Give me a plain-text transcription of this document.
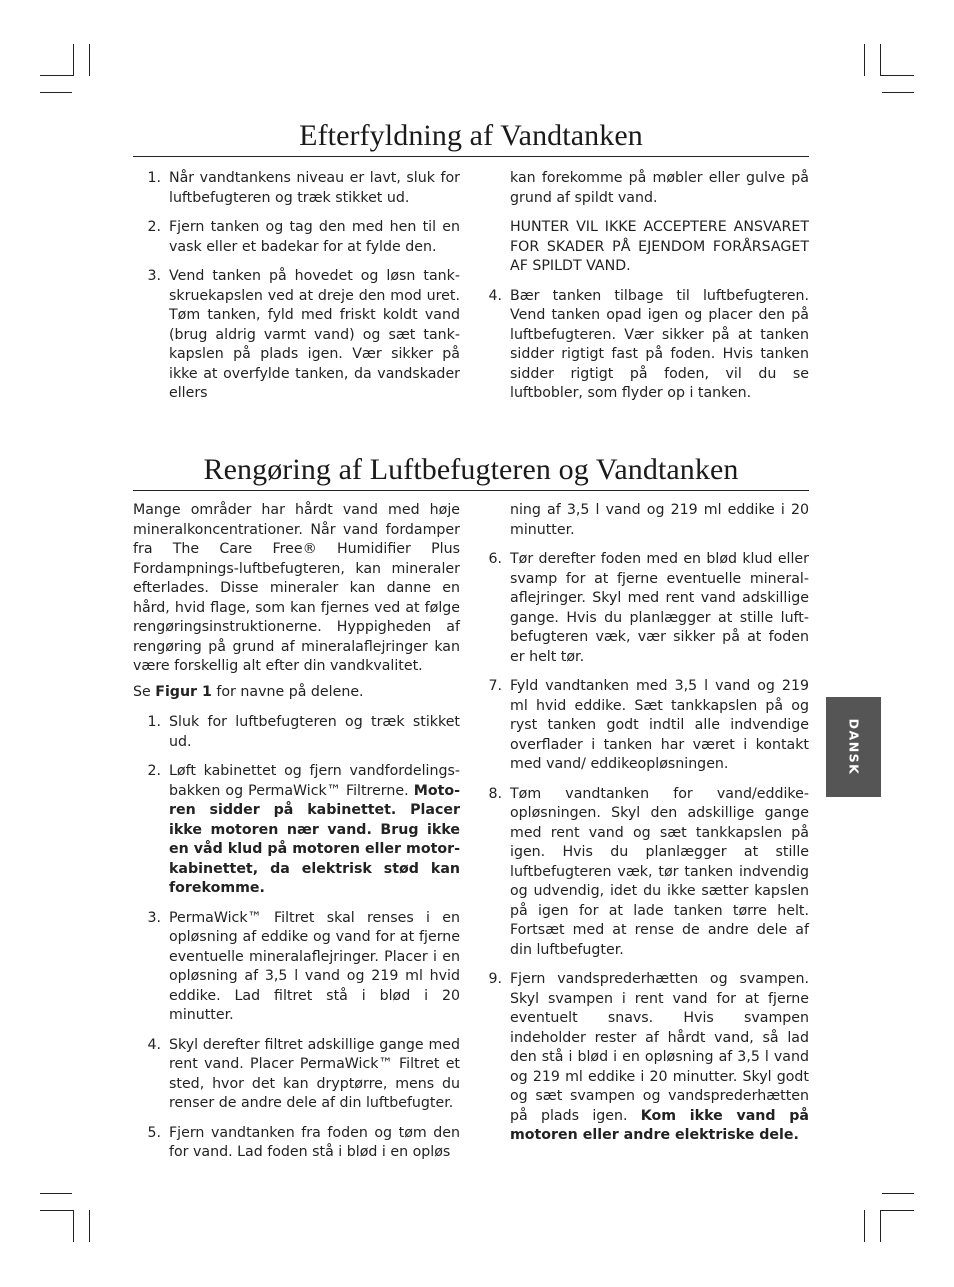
Efterfyldning af Vandtanken
1. Når vandtankens niveau er lavt, sluk for luftbefugteren og træk stikket ud.
2. Fjern tanken og tag den med hen til en vask eller et badekar for at fylde den.
3. Vend tanken på hovedet og løsn tankskruekapslen ved at dreje den mod uret. Tøm tanken, fyld med friskt koldt vand (brug aldrig varmt vand) og sæt tankkapslen på plads igen. Vær sikker på ikke at overfylde tanken, da vandskader ellers
kan forekomme på møbler eller gulve på grund af spildt vand.
HUNTER VIL IKKE ACCEPTERE ANSVARET FOR SKADER PÅ EJENDOM FORÅRSAGET AF SPILDT VAND.
4. Bær tanken tilbage til luftbefugteren. Vend tanken opad igen og placer den på luftbefugteren. Vær sikker på at tanken sidder rigtigt fast på foden. Hvis tanken sidder rigtigt på foden, vil du se luftbobler, som flyder op i tanken.
Rengøring af Luftbefugteren og Vandtanken

Mange områder har hårdt vand med høje mineralkoncentrationer. Når vand fordamper fra The Care Free® Humidifier Plus Fordampnings-luftbefugteren, kan mineraler efterlades. Disse mineraler kan danne en hård, hvid flage, som kan fjernes ved at følge rengøringsinstruktionerne. Hyppigheden af rengøring på grund af mineralaflejringer kan være forskellig alt efter din vandkvalitet.

Se Figur 1 for navne på delene.

1. Sluk for luftbefugteren og træk stikket ud.
2. Løft kabinettet og fjern vandfordelingsbakken og PermaWick™ Filtrerne. Motoren sidder på kabinettet. Placer ikke motoren nær vand. Brug ikke en våd klud på motoren eller motorkabinettet, da elektrisk stød kan forekomme.
3. PermaWick™ Filtret skal renses i en opløsning af eddike og vand for at fjerne eventuelle mineralaflejringer. Placer i en opløsning af 3,5 l vand og 219 ml hvid eddike. Lad filtret stå i blød i 20 minutter.
4. Skyl derefter filtret adskillige gange med rent vand. Placer PermaWick™ Filtret et sted, hvor det kan dryptørre, mens du renser de andre dele af din luftbefugter.
5. Fjern vandtanken fra foden og tøm den for vand. Lad foden stå i blød i en opløs
ning af 3,5 l vand og 219 ml eddike i 20 minutter.
6. Tør derefter foden med en blød klud eller svamp for at fjerne eventuelle mineralaflejringer. Skyl med rent vand adskillige gange. Hvis du planlægger at stille luftbefugteren væk, vær sikker på at foden er helt tør.
7. Fyld vandtanken med 3,5 l vand og 219 ml hvid eddike. Sæt tankkapslen på og ryst tanken godt indtil alle indvendige overflader i tanken har været i kontakt med vand/ eddikeopløsningen.
8. Tøm vandtanken for vand/eddikeopløsningen. Skyl den adskillige gange med rent vand og sæt tankkapslen på igen. Hvis du planlægger at stille luftbefugteren væk, tør tanken indvendig og udvendig, idet du ikke sætter kapslen på igen for at lade tanken tørre helt. Fortsæt med at rense de andre dele af din luftbefugter.
9. Fjern vandsprederhætten og svampen. Skyl svampen i rent vand for at fjerne eventuelt snavs. Hvis svampen indeholder rester af hårdt vand, så lad den stå i blød i en opløsning af 3,5 l vand og 219 ml eddike i 20 minutter. Skyl godt og sæt svampen og vandsprederhætten på plads igen. Kom ikke vand på motoren eller andre elektriske dele.
DANSK
